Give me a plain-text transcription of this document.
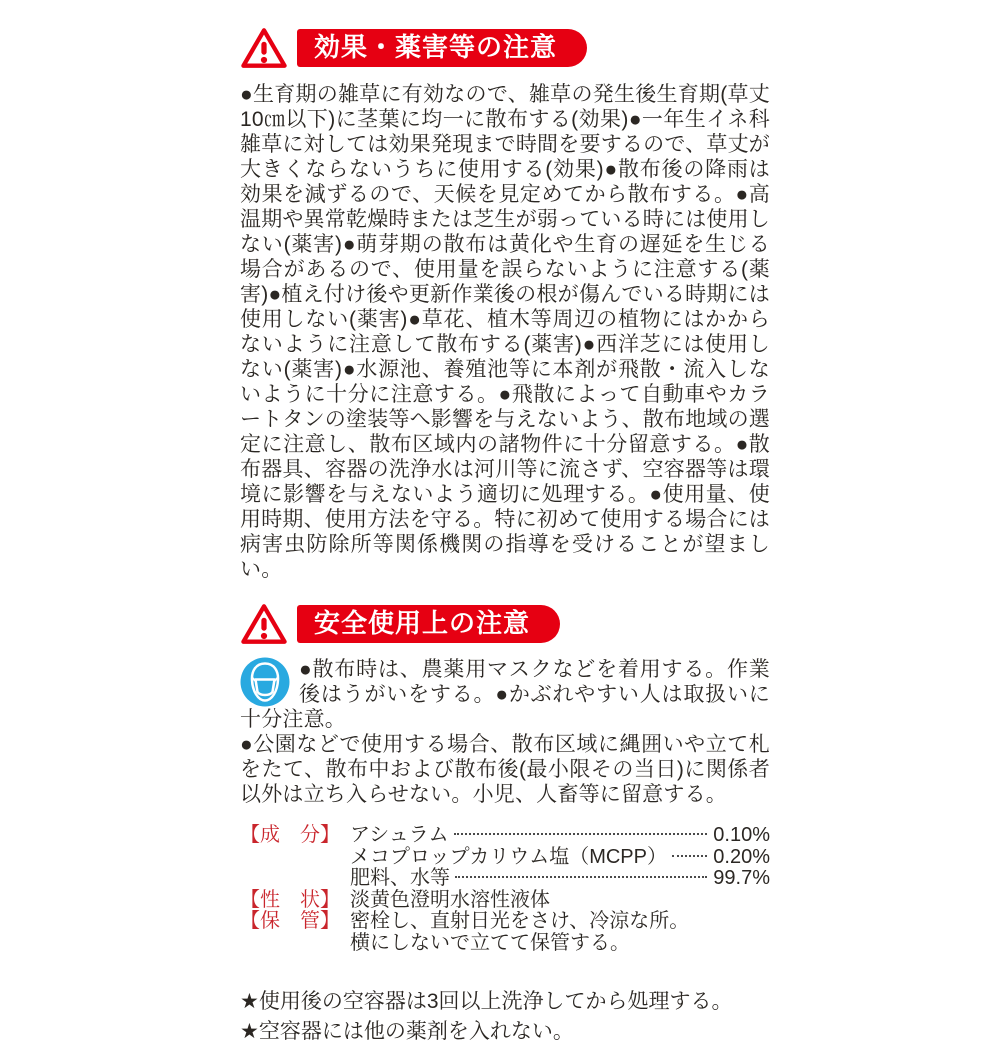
効果・薬害等の注意

●生育期の雑草に有効なので、雑草の発生後生育期(草丈10㎝以下)に茎葉に均一に散布する(効果)●一年生イネ科雑草に対しては効果発現まで時間を要するので、草丈が大きくならないうちに使用する(効果)●散布後の降雨は効果を減ずるので、天候を見定めてから散布する。●高温期や異常乾燥時または芝生が弱っている時には使用しない(薬害)●萌芽期の散布は黄化や生育の遅延を生じる場合があるので、使用量を誤らないように注意する(薬害)●植え付け後や更新作業後の根が傷んでいる時期には使用しない(薬害)●草花、植木等周辺の植物にはかからないように注意して散布する(薬害)●西洋芝には使用しない(薬害)●水源池、養殖池等に本剤が飛散・流入しないように十分に注意する。●飛散によって自動車やカラートタンの塗装等へ影響を与えないよう、散布地域の選定に注意し、散布区域内の諸物件に十分留意する。●散布器具、容器の洗浄水は河川等に流さず、空容器等は環境に影響を与えないよう適切に処理する。●使用量、使用時期、使用方法を守る。特に初めて使用する場合には病害虫防除所等関係機関の指導を受けることが望ましい。

安全使用上の注意

●散布時は、農薬用マスクなどを着用する。作業後はうがいをする。●かぶれやすい人は取扱いに十分注意。

●公園などで使用する場合、散布区域に縄囲いや立て札をたて、散布中および散布後(最小限その当日)に関係者以外は立ち入らせない。小児、人畜等に留意する。

【成　分】 アシュラム	0.10%
メコプロップカリウム塩（MCPP） 0.20%
肥料、水等	99.7%
【性　状】 淡黄色澄明水溶性液体
【保　管】 密栓し、直射日光をさけ、冷涼な所。
横にしないで立てて保管する。
★使用後の空容器は3回以上洗浄してから処理する。
★空容器には他の薬剤を入れない。
